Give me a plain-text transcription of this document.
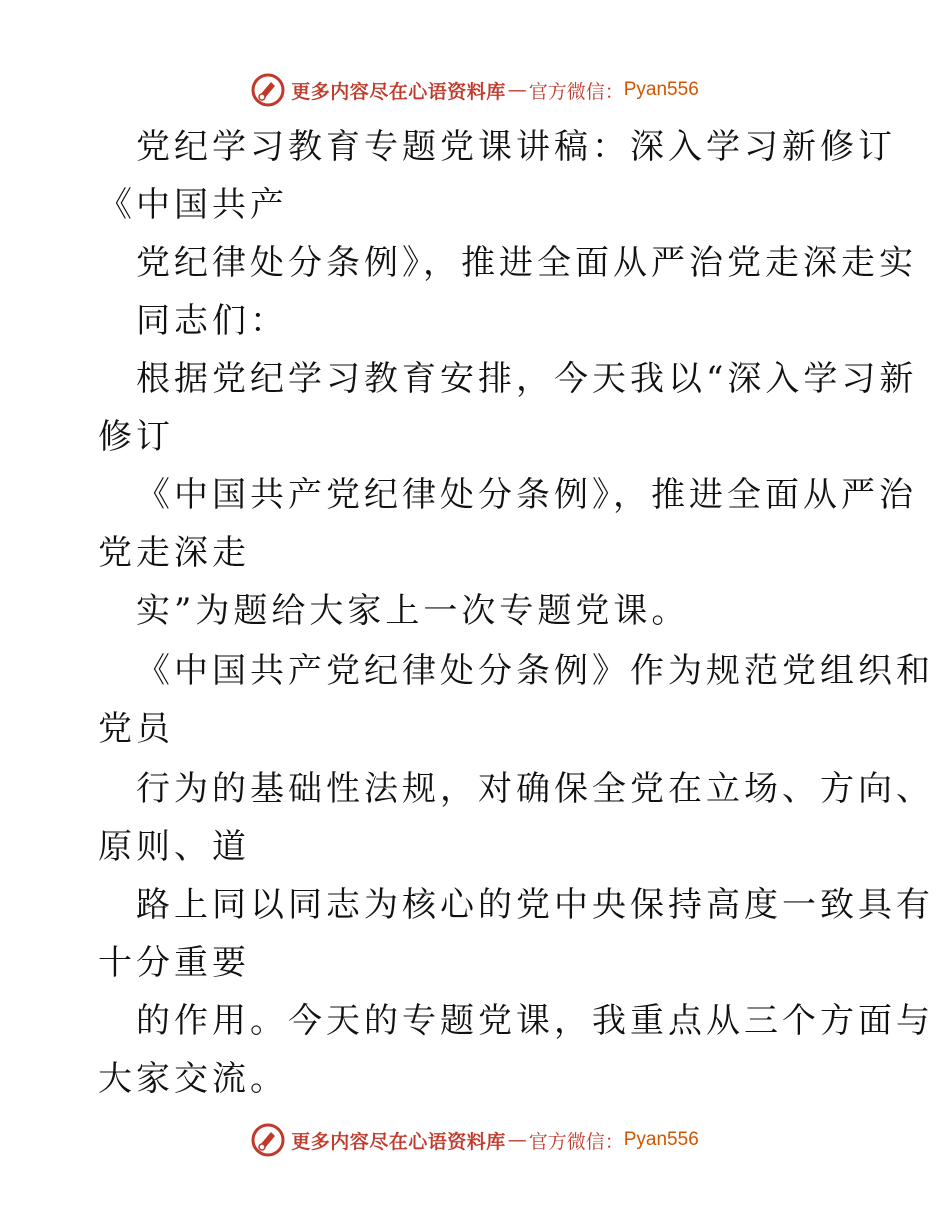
更多内容尽在心语资料库 — 官方微信： Pyan556
党纪学习教育专题党课讲稿：深入学习新修订
《中国共产
党纪律处分条例》，推进全面从严治党走深走实
同志们：
根据党纪学习教育安排，今天我以“深入学习新
修订
《中国共产党纪律处分条例》，推进全面从严治
党走深走
实”为题给大家上一次专题党课。
《中国共产党纪律处分条例》作为规范党组织和
党员
行为的基础性法规，对确保全党在立场、方向、
原则、道
路上同以同志为核心的党中央保持高度一致具有
十分重要
的作用。今天的专题党课，我重点从三个方面与
大家交流。
更多内容尽在心语资料库 — 官方微信： Pyan556
